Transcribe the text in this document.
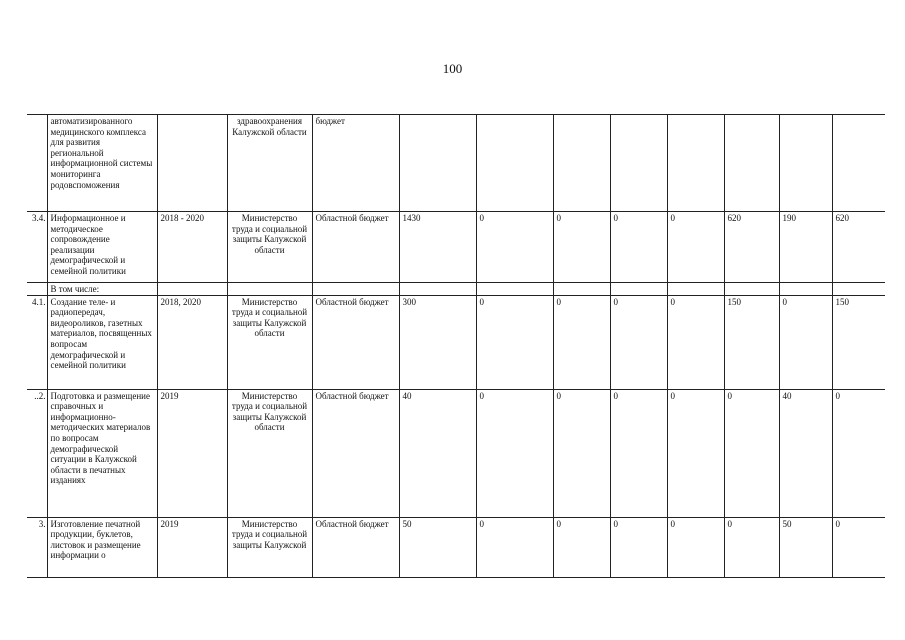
100
	автоматизированного медицинского комплекса для развития региональной информационной системы мониторинга родовспоможения		здравоохранения Калужской области	бюджет								
3.4.	Информационное и методическое сопровождение реализации демографической и семейной политики	2018 - 2020	Министерство труда и социальной защиты Калужской области	Областной бюджет	1430	0	0	0	0	620	190	620
	В том числе:											
4.1.	Создание теле- и радиопередач, видеороликов, газетных материалов, посвященных вопросам демографической и семейной политики	2018, 2020	Министерство труда и социальной защиты Калужской области	Областной бюджет	300	0	0	0	0	150	0	150
..2.	Подготовка и размещение справочных и информационно-методических материалов по вопросам демографической ситуации в Калужской области в печатных изданиях	2019	Министерство труда и социальной защиты Калужской области	Областной бюджет	40	0	0	0	0	0	40	0
3.	Изготовление печатной продукции, буклетов, листовок и размещение информации о	2019	Министерство труда и социальной защиты Калужской	Областной бюджет	50	0	0	0	0	0	50	0
